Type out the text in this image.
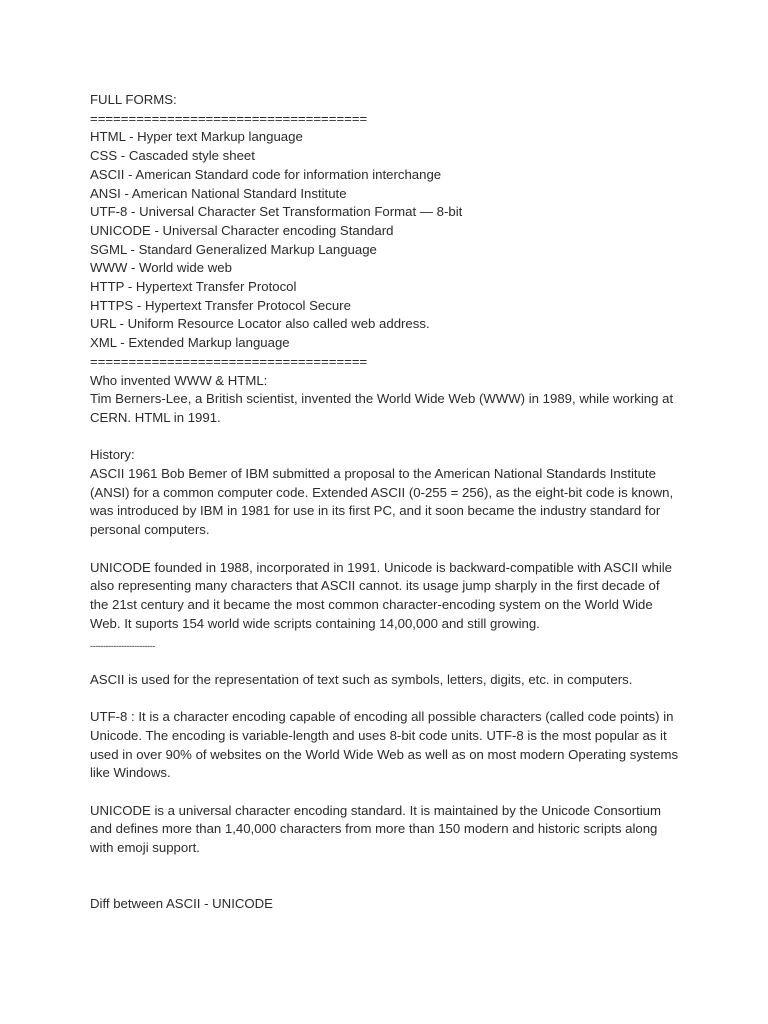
FULL FORMS:
====================================
HTML - Hyper text Markup language
CSS - Cascaded style sheet
ASCII - American Standard code for information interchange
ANSI - American National Standard Institute
UTF-8 - Universal Character Set Transformation Format — 8-bit
UNICODE - Universal Character encoding Standard
SGML - Standard Generalized Markup Language
WWW - World wide web
HTTP - Hypertext Transfer Protocol
HTTPS - Hypertext Transfer Protocol Secure
URL - Uniform Resource Locator also called web address.
XML - Extended Markup language
====================================
Who invented WWW & HTML:
Tim Berners-Lee, a British scientist, invented the World Wide Web (WWW) in 1989, while working at
CERN. HTML in 1991.
History:
ASCII 1961 Bob Bemer of IBM submitted a proposal to the American National Standards Institute
(ANSI) for a common computer code. Extended ASCII (0-255 = 256), as the eight-bit code is known,
was introduced by IBM in 1981 for use in its first PC, and it soon became the industry standard for
personal computers.
UNICODE founded in 1988, incorporated in 1991. Unicode is backward-compatible with ASCII while
also representing many characters that ASCII cannot. its usage jump sharply in the first decade of
the 21st century and it became the most common character-encoding system on the World Wide
Web. It suports 154 world wide scripts containing 14,00,000 and still growing.
-------------------------
ASCII is used for the representation of text such as symbols, letters, digits, etc. in computers.
UTF-8 : It is a character encoding capable of encoding all possible characters (called code points) in
Unicode. The encoding is variable-length and uses 8-bit code units. UTF-8 is the most popular as it
used in over 90% of websites on the World Wide Web as well as on most modern Operating systems
like Windows.
UNICODE is a universal character encoding standard. It is maintained by the Unicode Consortium
and defines more than 1,40,000 characters from more than 150 modern and historic scripts along
with emoji support.
Diff between ASCII - UNICODE
